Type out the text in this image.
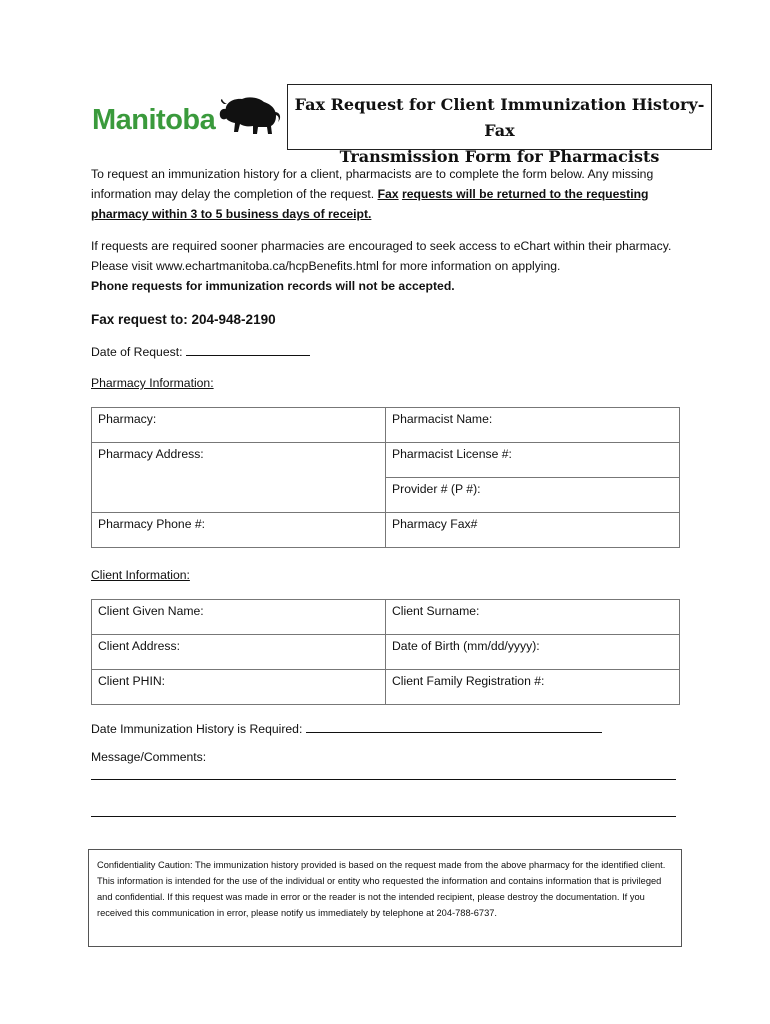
Manitoba	Fax Request for Client Immunization History-Fax
Transmission Form for Pharmacists
To request an immunization history for a client, pharmacists are to complete the form below. Any missing information may delay the completion of the request. Fax requests will be returned to the requesting pharmacy within 3 to 5 business days of receipt.
If requests are required sooner pharmacies are encouraged to seek access to eChart within their pharmacy. Please visit www.echartmanitoba.ca/hcpBenefits.html for more information on applying.
Phone requests for immunization records will not be accepted.
Fax request to: 204-948-2190
Date of Request:
Pharmacy Information:
Pharmacy:	Pharmacist Name:
Pharmacy Address:	Pharmacist License #:
	Provider # (P #):
Pharmacy Phone #:	Pharmacy Fax#
Client Information:
Client Given Name:	Client Surname:
Client Address:	Date of Birth (mm/dd/yyyy):
Client PHIN:	Client Family Registration #:
Date Immunization History is Required:
Message/Comments:
Confidentiality Caution: The immunization history provided is based on the request made from the above pharmacy for the identified client. This information is intended for the use of the individual or entity who requested the information and contains information that is privileged and confidential. If this request was made in error or the reader is not the intended recipient, please destroy the documentation. If you received this communication in error, please notify us immediately by telephone at 204-788-6737.
